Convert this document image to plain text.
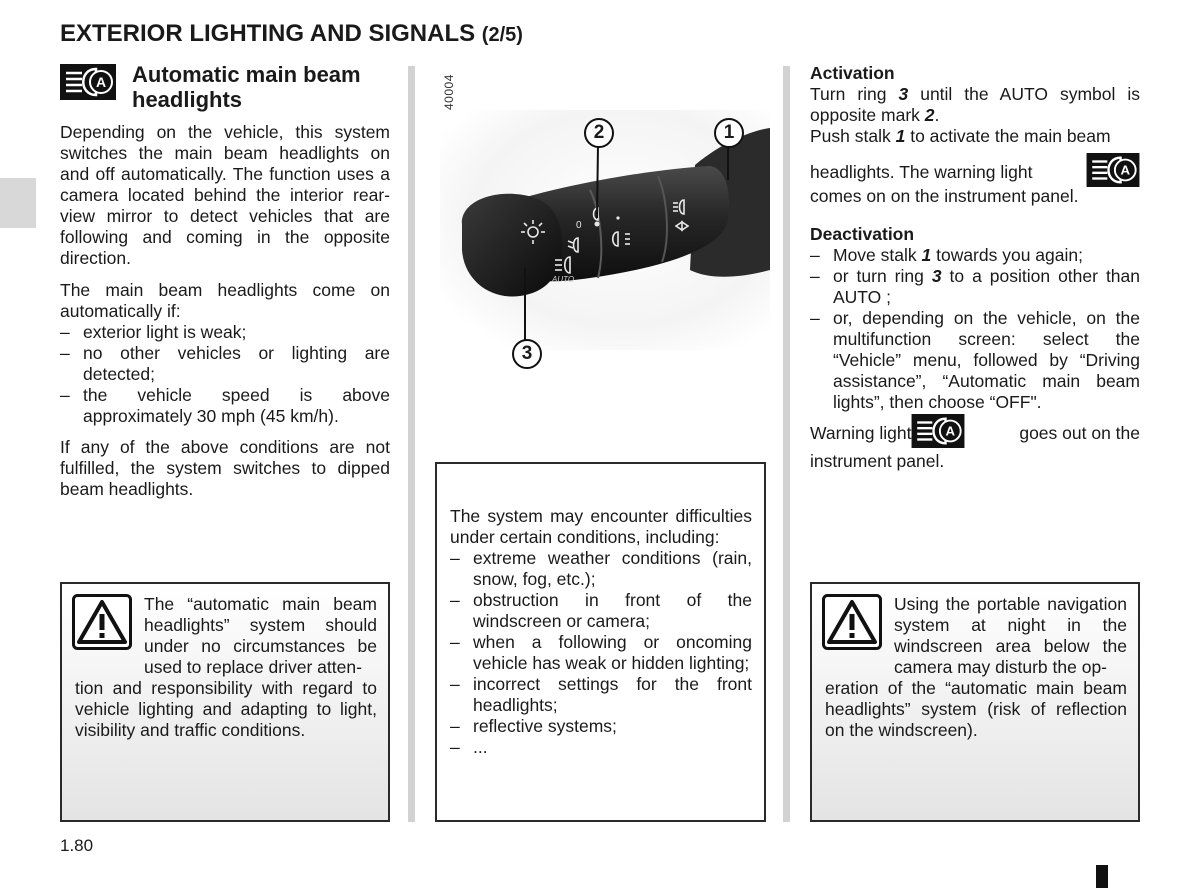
EXTERIOR LIGHTING AND SIGNALS (2/5)
A Automatic main beam
headlights
Depending on the vehicle, this system switches the main beam headlights on and off automatically. The function uses a camera located behind the interior rear-view mirror to detect vehicles that are following and coming in the opposite direction.
The main beam headlights come on automatically if:
– exterior light is weak;
– no other vehicles or lighting are detected;
– the vehicle speed is above approximately 30 mph (45 km/h).
If any of the above conditions are not fulfilled, the system switches to dipped beam headlights.
The “automatic main beam headlights” system should under no circumstances be used to replace driver atten-
tion and responsibility with regard to vehicle lighting and adapting to light, visibility and traffic conditions.
40004
0
AUTO
2	1
3
The system may encounter difficulties under certain conditions, including:
– extreme weather conditions (rain, snow, fog, etc.);
– obstruction in front of the windscreen or camera;
– when a following or oncoming vehicle has weak or hidden lighting;
– incorrect settings for the front headlights;
– reflective systems;
– ...
Activation
Turn ring 3 until the AUTO symbol is opposite mark 2.
Push stalk 1 to activate the main beam
headlights. The warning light	A
comes on on the instrument panel.
Deactivation
– Move stalk 1 towards you again;
– or turn ring 3 to a position other than AUTO ;
– or, depending on the vehicle, on the multifunction screen: select the “Vehicle” menu, followed by “Driving assistance”, “Automatic main beam lights”, then choose “OFF".
Warning light A	goes out on the
instrument panel.
Using the portable navigation system at night in the windscreen area below the camera may disturb the op-
eration of the “automatic main beam headlights” system (risk of reflection on the windscreen).
1.80
